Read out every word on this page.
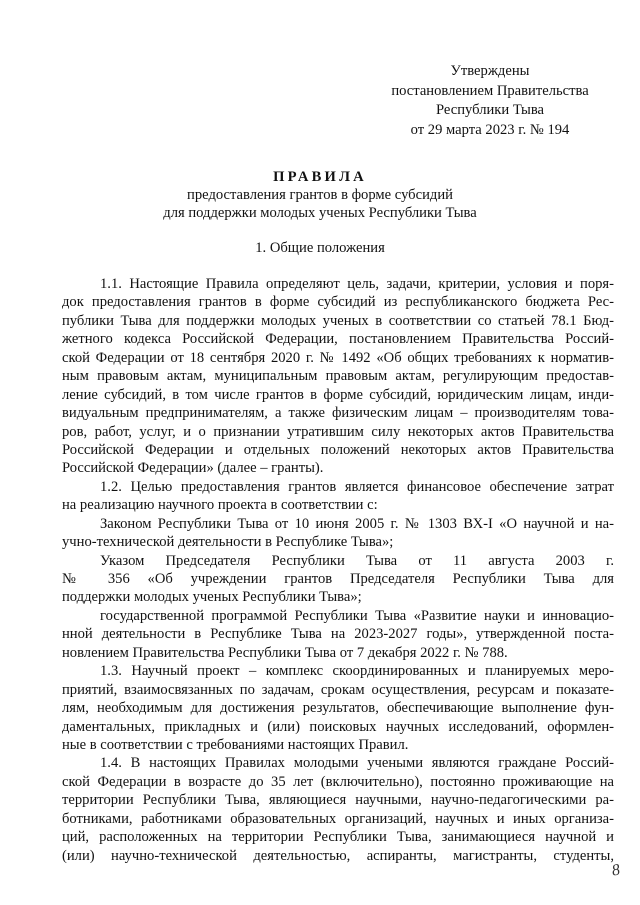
Утверждены
постановлением Правительства
Республики Тыва
от 29 марта 2023 г. № 194
ПРАВИЛА
предоставления грантов в форме субсидий
для поддержки молодых ученых Республики Тыва
1. Общие положения
1.1. Настоящие Правила определяют цель, задачи, критерии, условия и поря-
док предоставления грантов в форме субсидий из республиканского бюджета Рес-
публики Тыва для поддержки молодых ученых в соответствии со статьей 78.1 Бюд-
жетного кодекса Российской Федерации, постановлением Правительства Россий-
ской Федерации от 18 сентября 2020 г. № 1492 «Об общих требованиях к норматив-
ным правовым актам, муниципальным правовым актам, регулирующим предостав-
ление субсидий, в том числе грантов в форме субсидий, юридическим лицам, инди-
видуальным предпринимателям, а также физическим лицам – производителям това-
ров, работ, услуг, и о признании утратившим силу некоторых актов Правительства
Российской Федерации и отдельных положений некоторых актов Правительства
Российской Федерации» (далее – гранты).
1.2. Целью предоставления грантов является финансовое обеспечение затрат
на реализацию научного проекта в соответствии с:
Законом Республики Тыва от 10 июня 2005 г. № 1303 ВХ-I «О научной и на-
учно-технической деятельности в Республике Тыва»;
Указом Председателя Республики Тыва от 11 августа 2003 г.
№ 356 «Об учреждении грантов Председателя Республики Тыва для
поддержки молодых ученых Республики Тыва»;
государственной программой Республики Тыва «Развитие науки и инновацио-
нной деятельности в Республике Тыва на 2023-2027 годы», утвержденной поста-
новлением Правительства Республики Тыва от 7 декабря 2022 г. № 788.
1.3. Научный проект – комплекс скоординированных и планируемых меро-
приятий, взаимосвязанных по задачам, срокам осуществления, ресурсам и показате-
лям, необходимым для достижения результатов, обеспечивающие выполнение фун-
даментальных, прикладных и (или) поисковых научных исследований, оформлен-
ные в соответствии с требованиями настоящих Правил.
1.4. В настоящих Правилах молодыми учеными являются граждане Россий-
ской Федерации в возрасте до 35 лет (включительно), постоянно проживающие на
территории Республики Тыва, являющиеся научными, научно-педагогическими ра-
ботниками, работниками образовательных организаций, научных и иных организа-
ций, расположенных на территории Республики Тыва, занимающиеся научной и
(или) научно-технической деятельностью, аспиранты, магистранты, студенты,
8
